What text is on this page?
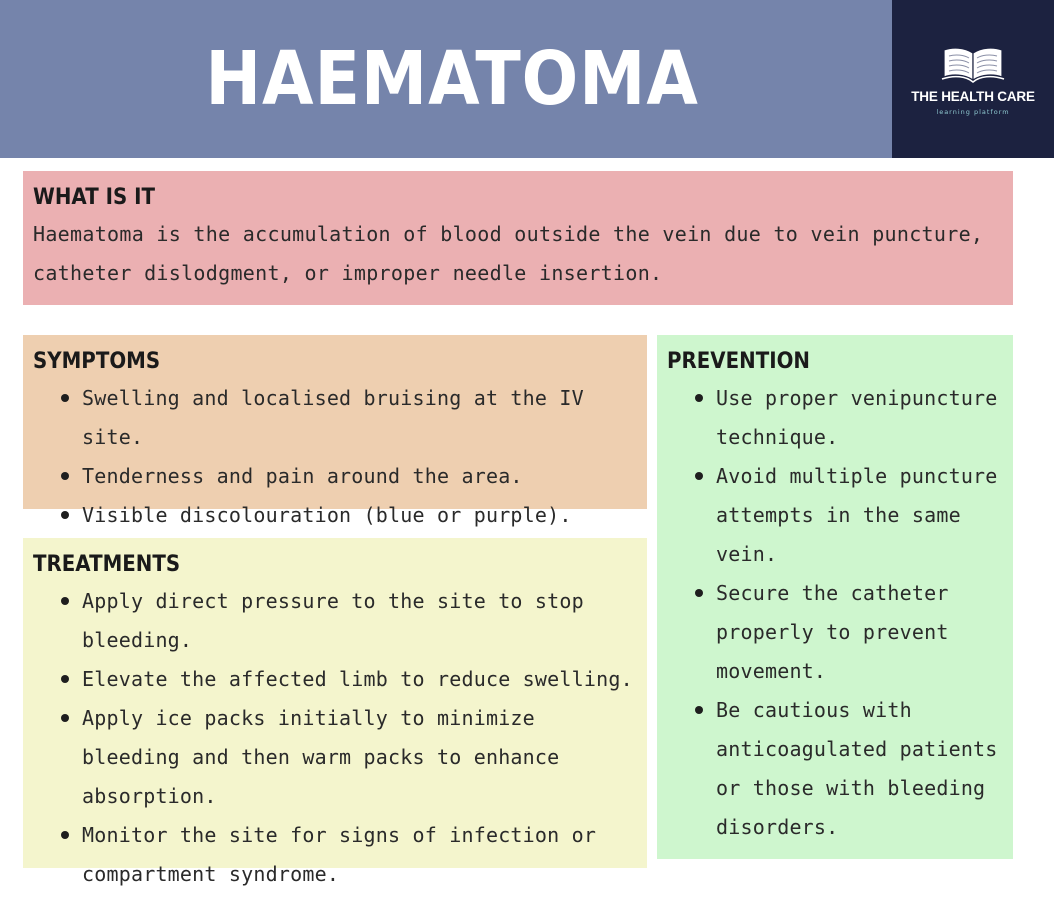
HAEMATOMA	THE HEALTH CARE
learning platform
WHAT IS IT
Haematoma is the accumulation of blood outside the vein due to vein puncture, catheter dislodgment, or improper needle insertion.
SYMPTOMS
Swelling and localised bruising at the IV site.
Tenderness and pain around the area.
Visible discolouration (blue or purple).
TREATMENTS
Apply direct pressure to the site to stop bleeding.
Elevate the affected limb to reduce swelling.
Apply ice packs initially to minimize bleeding and then warm packs to enhance absorption.
Monitor the site for signs of infection or compartment syndrome.
PREVENTION
Use proper venipuncture technique.
Avoid multiple puncture attempts in the same vein.
Secure the catheter properly to prevent movement.
Be cautious with anticoagulated patients or those with bleeding disorders.
